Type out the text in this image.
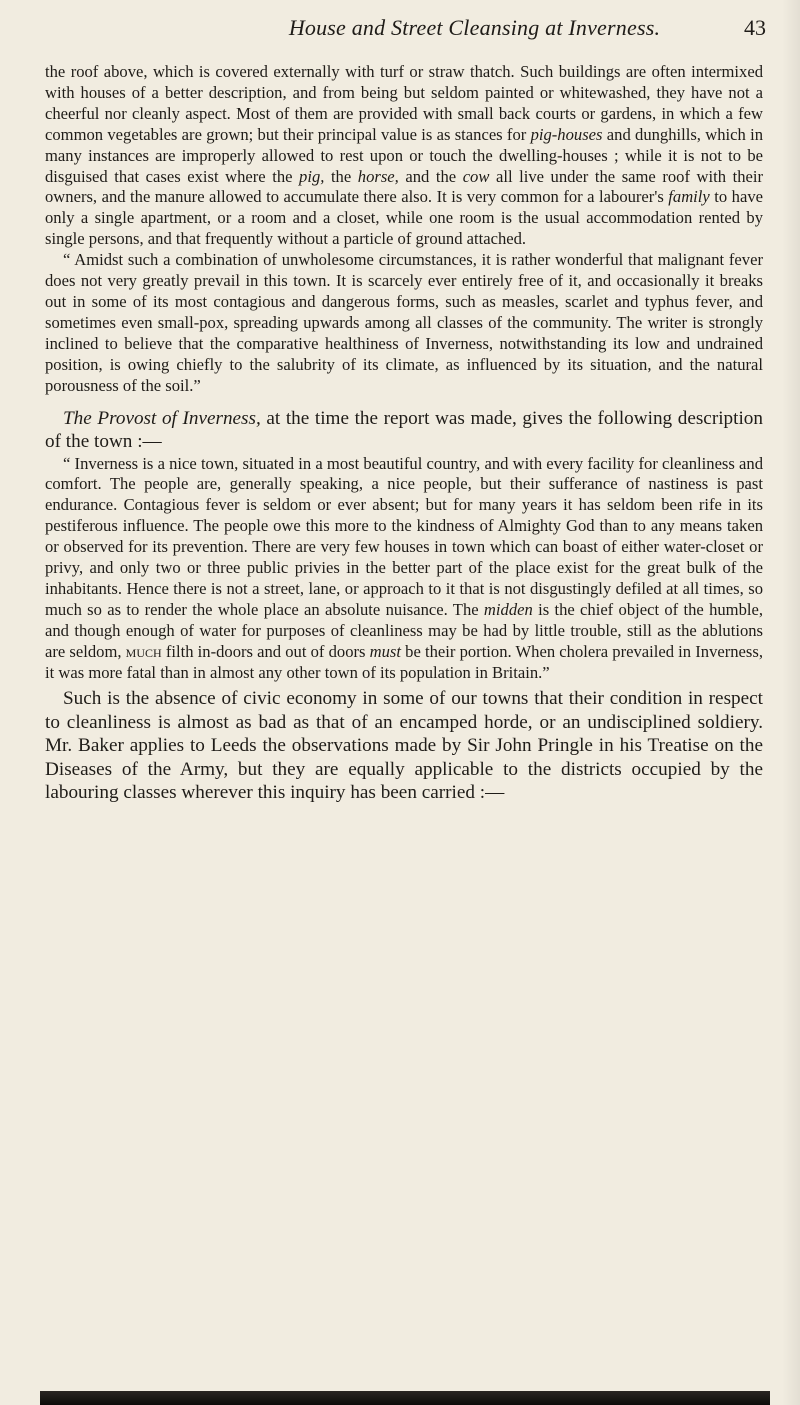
House and Street Cleansing at Inverness.	43

the roof above, which is covered externally with turf or straw thatch. Such buildings are often intermixed with houses of a better description, and from being but seldom painted or whitewashed, they have not a cheerful nor cleanly aspect. Most of them are provided with small back courts or gardens, in which a few common vegetables are grown; but their principal value is as stances for pig-houses and dunghills, which in many instances are improperly allowed to rest upon or touch the dwelling-houses ; while it is not to be disguised that cases exist where the pig, the horse, and the cow all live under the same roof with their owners, and the manure allowed to accumulate there also. It is very common for a labourer's family to have only a single apartment, or a room and a closet, while one room is the usual accommodation rented by single persons, and that frequently without a particle of ground attached.

“ Amidst such a combination of unwholesome circumstances, it is rather wonderful that malignant fever does not very greatly prevail in this town. It is scarcely ever entirely free of it, and occasionally it breaks out in some of its most contagious and dangerous forms, such as measles, scarlet and typhus fever, and sometimes even small-pox, spreading upwards among all classes of the community. The writer is strongly inclined to believe that the comparative healthiness of Inverness, notwithstanding its low and undrained position, is owing chiefly to the salubrity of its climate, as influenced by its situation, and the natural porousness of the soil.”

The Provost of Inverness, at the time the report was made, gives the following description of the town :—

“ Inverness is a nice town, situated in a most beautiful country, and with every facility for cleanliness and comfort. The people are, generally speaking, a nice people, but their sufferance of nastiness is past endurance. Contagious fever is seldom or ever absent; but for many years it has seldom been rife in its pestiferous influence. The people owe this more to the kindness of Almighty God than to any means taken or observed for its prevention. There are very few houses in town which can boast of either water-closet or privy, and only two or three public privies in the better part of the place exist for the great bulk of the inhabitants. Hence there is not a street, lane, or approach to it that is not disgustingly defiled at all times, so much so as to render the whole place an absolute nuisance. The midden is the chief object of the humble, and though enough of water for purposes of cleanliness may be had by little trouble, still as the ablutions are seldom, much filth in-doors and out of doors must be their portion. When cholera prevailed in Inverness, it was more fatal than in almost any other town of its population in Britain.”

Such is the absence of civic economy in some of our towns that their condition in respect to cleanliness is almost as bad as that of an encamped horde, or an undisciplined soldiery. Mr. Baker applies to Leeds the observations made by Sir John Pringle in his Treatise on the Diseases of the Army, but they are equally applicable to the districts occupied by the labouring classes wherever this inquiry has been carried :—
